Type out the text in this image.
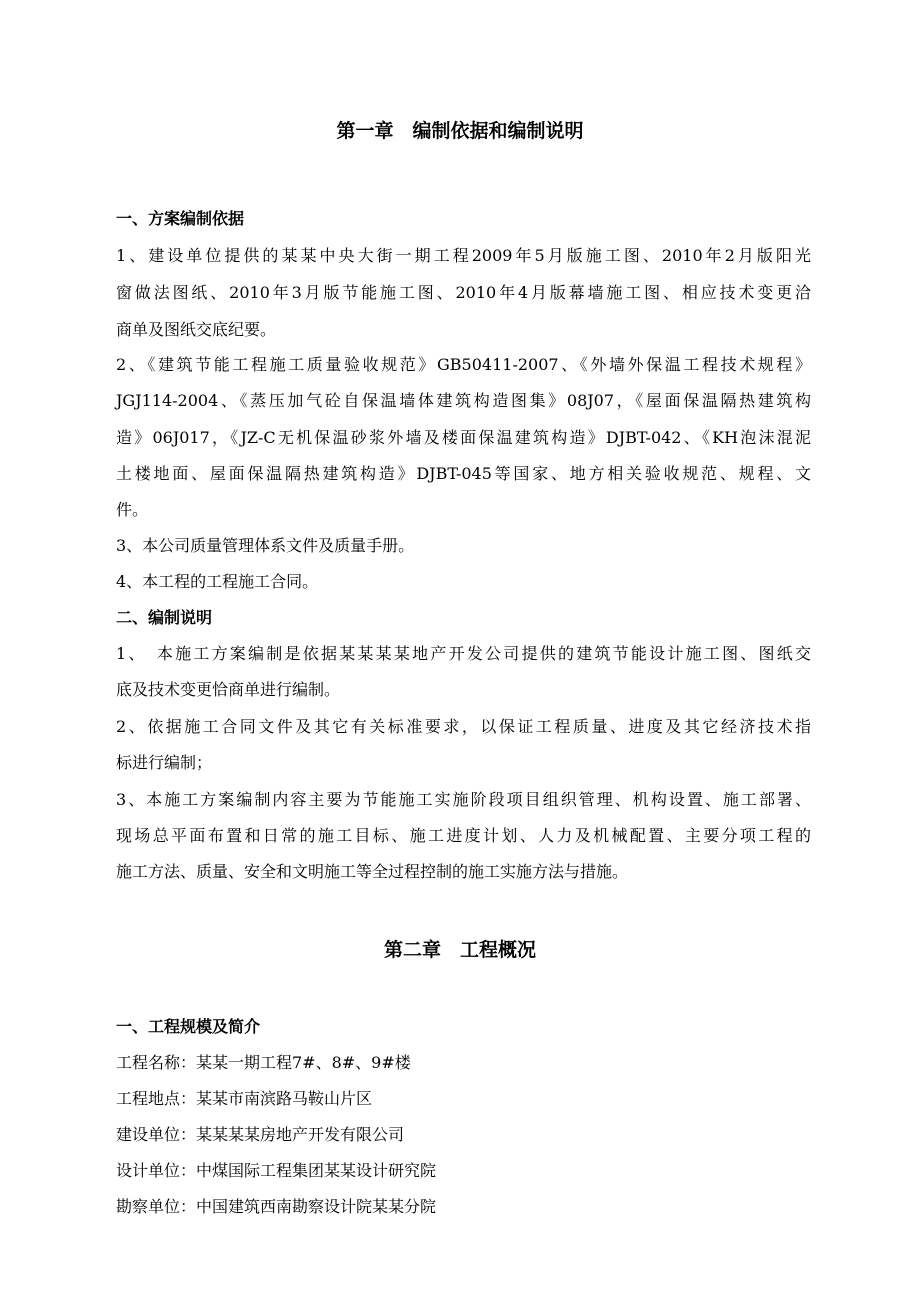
第一章　编制依据和编制说明
一、方案编制依据
1、建设单位提供的某某中央大街一期工程2009年5月版施工图、2010年2月版阳光
窗做法图纸、2010年3月版节能施工图、2010年4月版幕墙施工图、相应技术变更洽
商单及图纸交底纪要。
2、《建筑节能工程施工质量验收规范》GB50411-2007、《外墙外保温工程技术规程》
JGJ114-2004、《蒸压加气砼自保温墙体建筑构造图集》08J07，《屋面保温隔热建筑构
造》06J017，《JZ-C无机保温砂浆外墙及楼面保温建筑构造》DJBT-042、《KH泡沫混泥
土楼地面、屋面保温隔热建筑构造》DJBT-045等国家、地方相关验收规范、规程、文
件。
3、本公司质量管理体系文件及质量手册。
4、本工程的工程施工合同。
二、编制说明
1、　本施工方案编制是依据某某某某地产开发公司提供的建筑节能设计施工图、图纸交
底及技术变更恰商单进行编制。
2、依据施工合同文件及其它有关标准要求，以保证工程质量、进度及其它经济技术指
标进行编制；
3、本施工方案编制内容主要为节能施工实施阶段项目组织管理、机构设置、施工部署、
现场总平面布置和日常的施工目标、施工进度计划、人力及机械配置、主要分项工程的
施工方法、质量、安全和文明施工等全过程控制的施工实施方法与措施。
第二章　工程概况
一、工程规模及简介
工程名称：某某一期工程7#、8#、9#楼
工程地点：某某市南滨路马鞍山片区
建设单位：某某某某房地产开发有限公司
设计单位：中煤国际工程集团某某设计研究院
勘察单位：中国建筑西南勘察设计院某某分院
